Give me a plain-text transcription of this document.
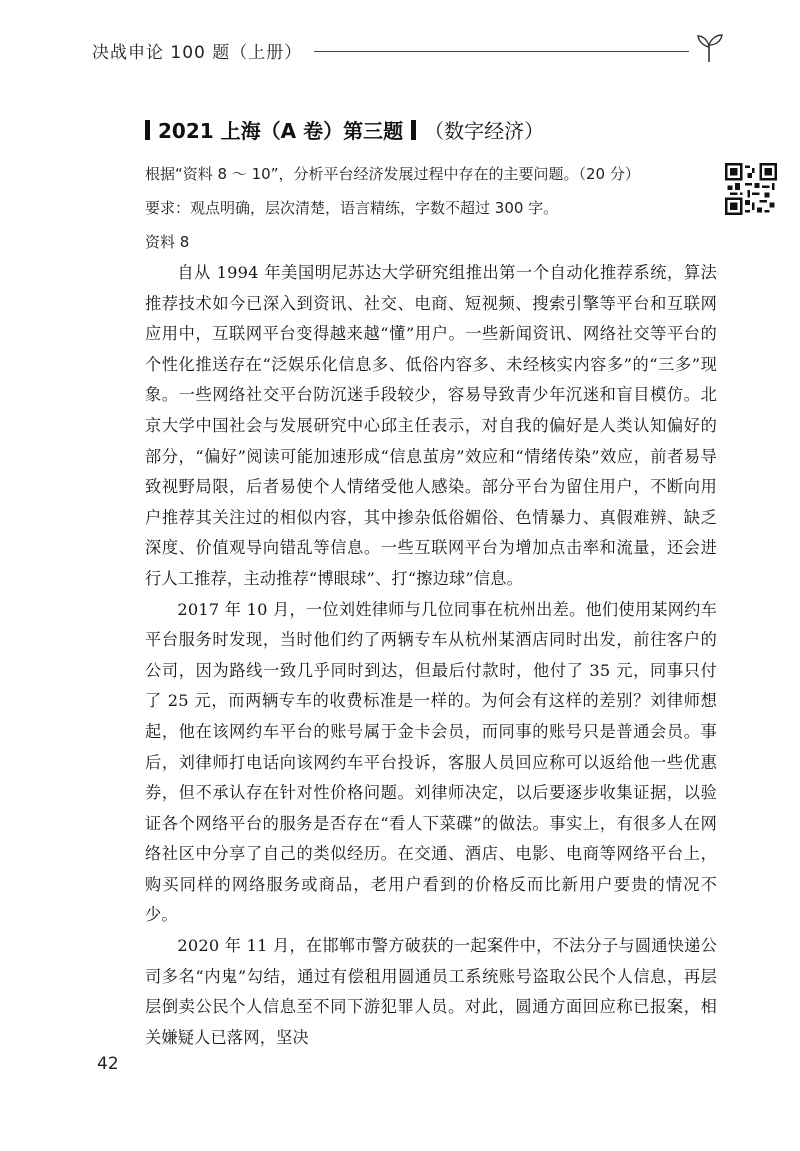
决战申论 100 题（上册）
2021 上海（A 卷）第三题 （数字经济）
根据“资料 8 ～ 10”，分析平台经济发展过程中存在的主要问题。（20 分）
要求：观点明确，层次清楚，语言精练，字数不超过 300 字。
资料 8

自从 1994 年美国明尼苏达大学研究组推出第一个自动化推荐系统，算法推荐技术如今已深入到资讯、社交、电商、短视频、搜索引擎等平台和互联网应用中，互联网平台变得越来越“懂”用户。一些新闻资讯、网络社交等平台的个性化推送存在“泛娱乐化信息多、低俗内容多、未经核实内容多”的“三多”现象。一些网络社交平台防沉迷手段较少，容易导致青少年沉迷和盲目模仿。北京大学中国社会与发展研究中心邱主任表示，对自我的偏好是人类认知偏好的部分，“偏好”阅读可能加速形成“信息茧房”效应和“情绪传染”效应，前者易导致视野局限，后者易使个人情绪受他人感染。部分平台为留住用户，不断向用户推荐其关注过的相似内容，其中掺杂低俗媚俗、色情暴力、真假难辨、缺乏深度、价值观导向错乱等信息。一些互联网平台为增加点击率和流量，还会进行人工推荐，主动推荐“博眼球”、打“擦边球”信息。

2017 年 10 月，一位刘姓律师与几位同事在杭州出差。他们使用某网约车平台服务时发现，当时他们约了两辆专车从杭州某酒店同时出发，前往客户的公司，因为路线一致几乎同时到达，但最后付款时，他付了 35 元，同事只付了 25 元，而两辆专车的收费标准是一样的。为何会有这样的差别？刘律师想起，他在该网约车平台的账号属于金卡会员，而同事的账号只是普通会员。事后，刘律师打电话向该网约车平台投诉，客服人员回应称可以返给他一些优惠券，但不承认存在针对性价格问题。刘律师决定，以后要逐步收集证据，以验证各个网络平台的服务是否存在“看人下菜碟”的做法。事实上，有很多人在网络社区中分享了自己的类似经历。在交通、酒店、电影、电商等网络平台上，购买同样的网络服务或商品，老用户看到的价格反而比新用户要贵的情况不少。

2020 年 11 月，在邯郸市警方破获的一起案件中，不法分子与圆通快递公司多名“内鬼”勾结，通过有偿租用圆通员工系统账号盗取公民个人信息，再层层倒卖公民个人信息至不同下游犯罪人员。对此，圆通方面回应称已报案，相关嫌疑人已落网，坚决

42
